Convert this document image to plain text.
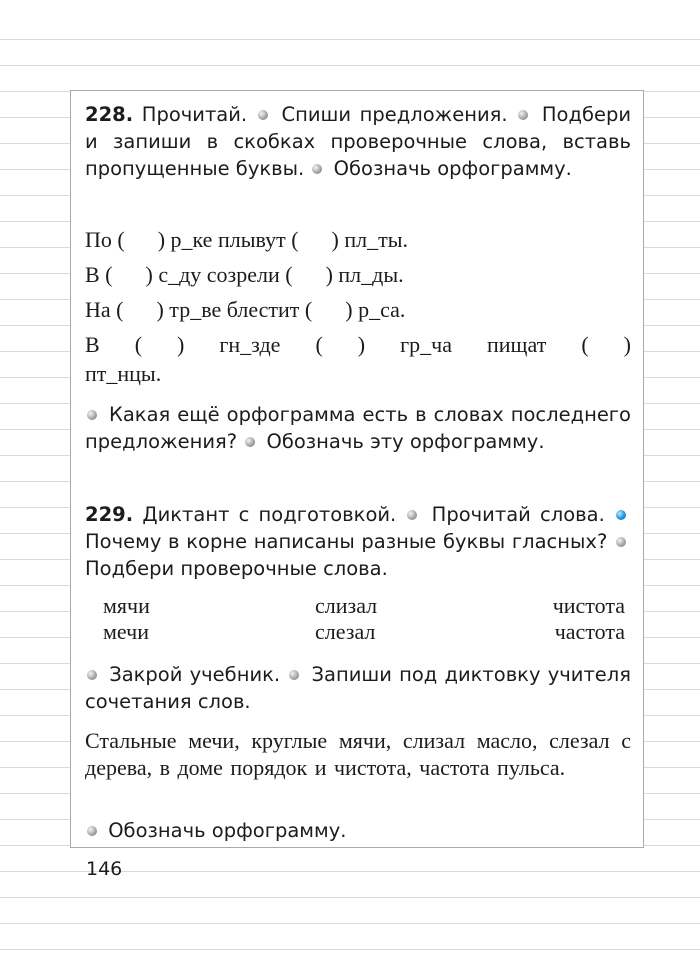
228. Прочитай. Спиши предложения. Подбери и запиши в скобках проверочные слова, вставь пропущенные буквы. Обозначь орфограмму.

По (      ) р_ке плывут (      ) пл_ты.
В (      ) с_ду созрели (      ) пл_ды.
На (      ) тр_ве блестит (      ) р_са.
В ( ) гн_зде ( ) гр_ча пищат ( )
пт_нцы.

Какая ещё орфограмма есть в словах последнего предложения? Обозначь эту орфограмму.

229. Диктант с подготовкой. Прочитай слова.  Почему в корне написаны разные буквы гласных?  Подбери проверочные слова.

мячи	слизал	чистота
мечи	слезал	частота

Закрой учебник. Запиши под диктовку учителя сочетания слов.

Стальные мечи, круглые мячи, слизал масло, слезал с дерева, в доме порядок и чистота, частота пульса.

Обозначь орфограмму.

146
